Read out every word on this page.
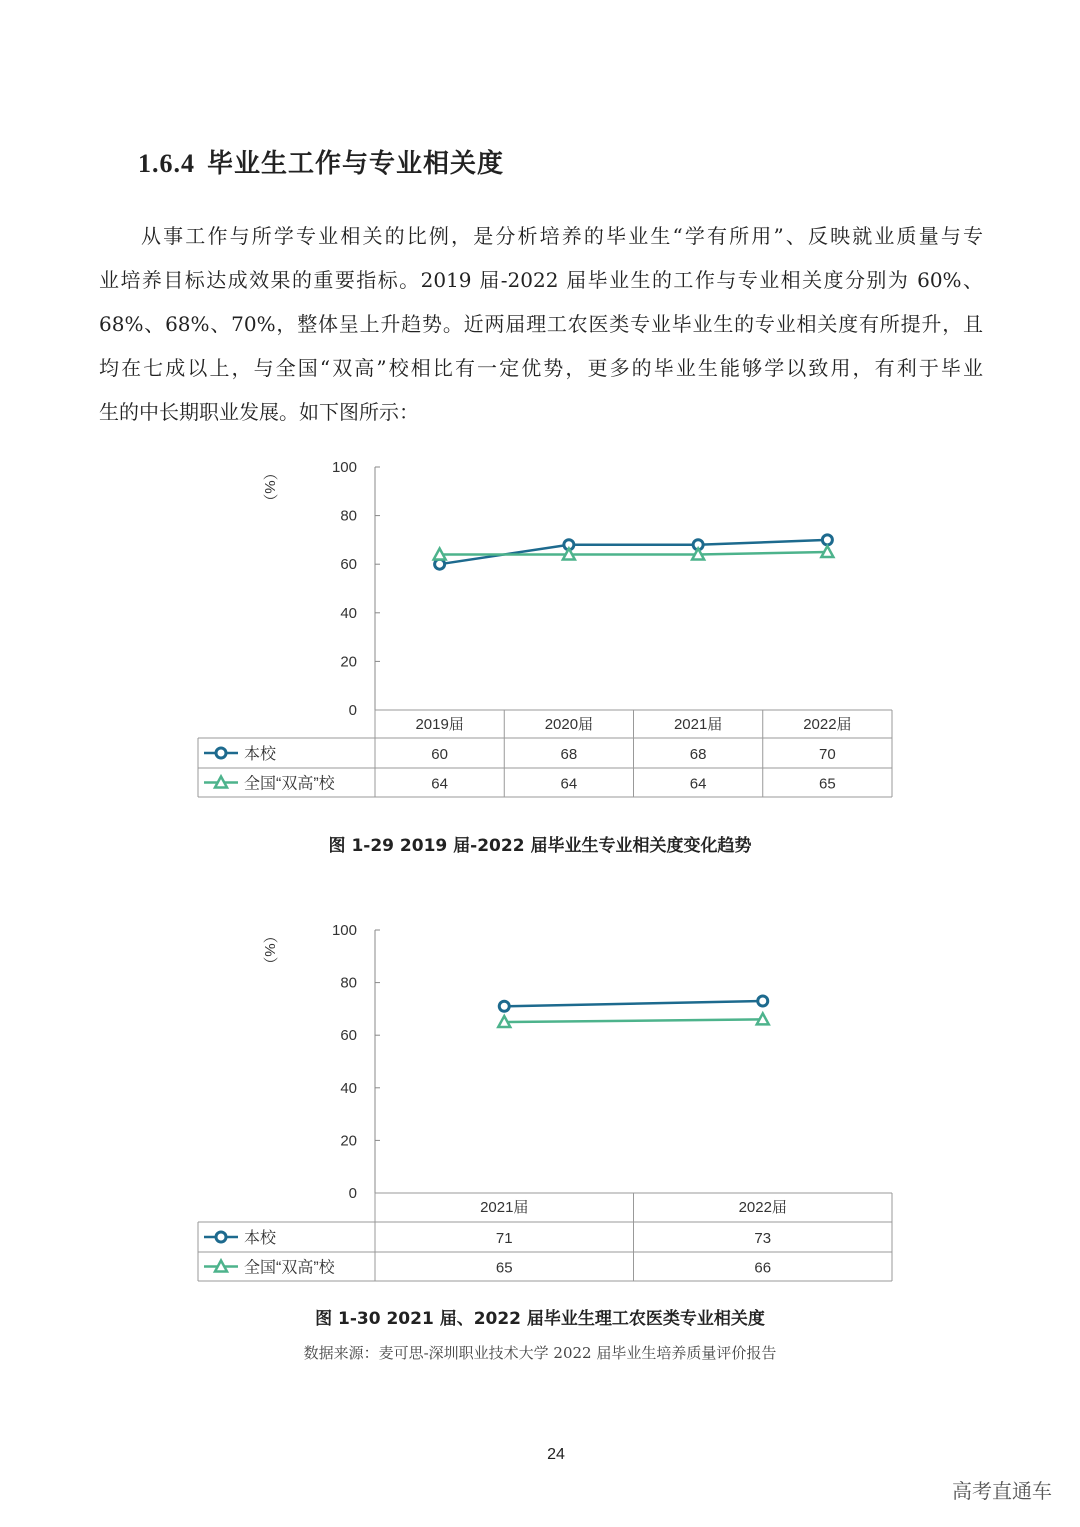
1.6.4 毕业生工作与专业相关度
从事工作与所学专业相关的比例，是分析培养的毕业生“学有所用”、反映就业质量与专
业培养目标达成效果的重要指标。2019 届-2022 届毕业生的工作与专业相关度分别为 60%、
68%、68%、70%，整体呈上升趋势。近两届理工农医类专业毕业生的专业相关度有所提升，且
均在七成以上，与全国“双高”校相比有一定优势，更多的毕业生能够学以致用，有利于毕业
生的中长期职业发展。如下图所示：
（%）
0
20
40
60
80
100
2019届	2020届	2021届	2022届
本校	60	68	68	70
全国“双高”校	64	64	64	65
图 1-29 2019 届-2022 届毕业生专业相关度变化趋势
（%）
0
20
40
60
80
100
2021届	2022届
本校	71	73
全国“双高”校	65	66
图 1-30 2021 届、2022 届毕业生理工农医类专业相关度
数据来源：麦可思-深圳职业技术大学 2022 届毕业生培养质量评价报告
24
高考直通车
